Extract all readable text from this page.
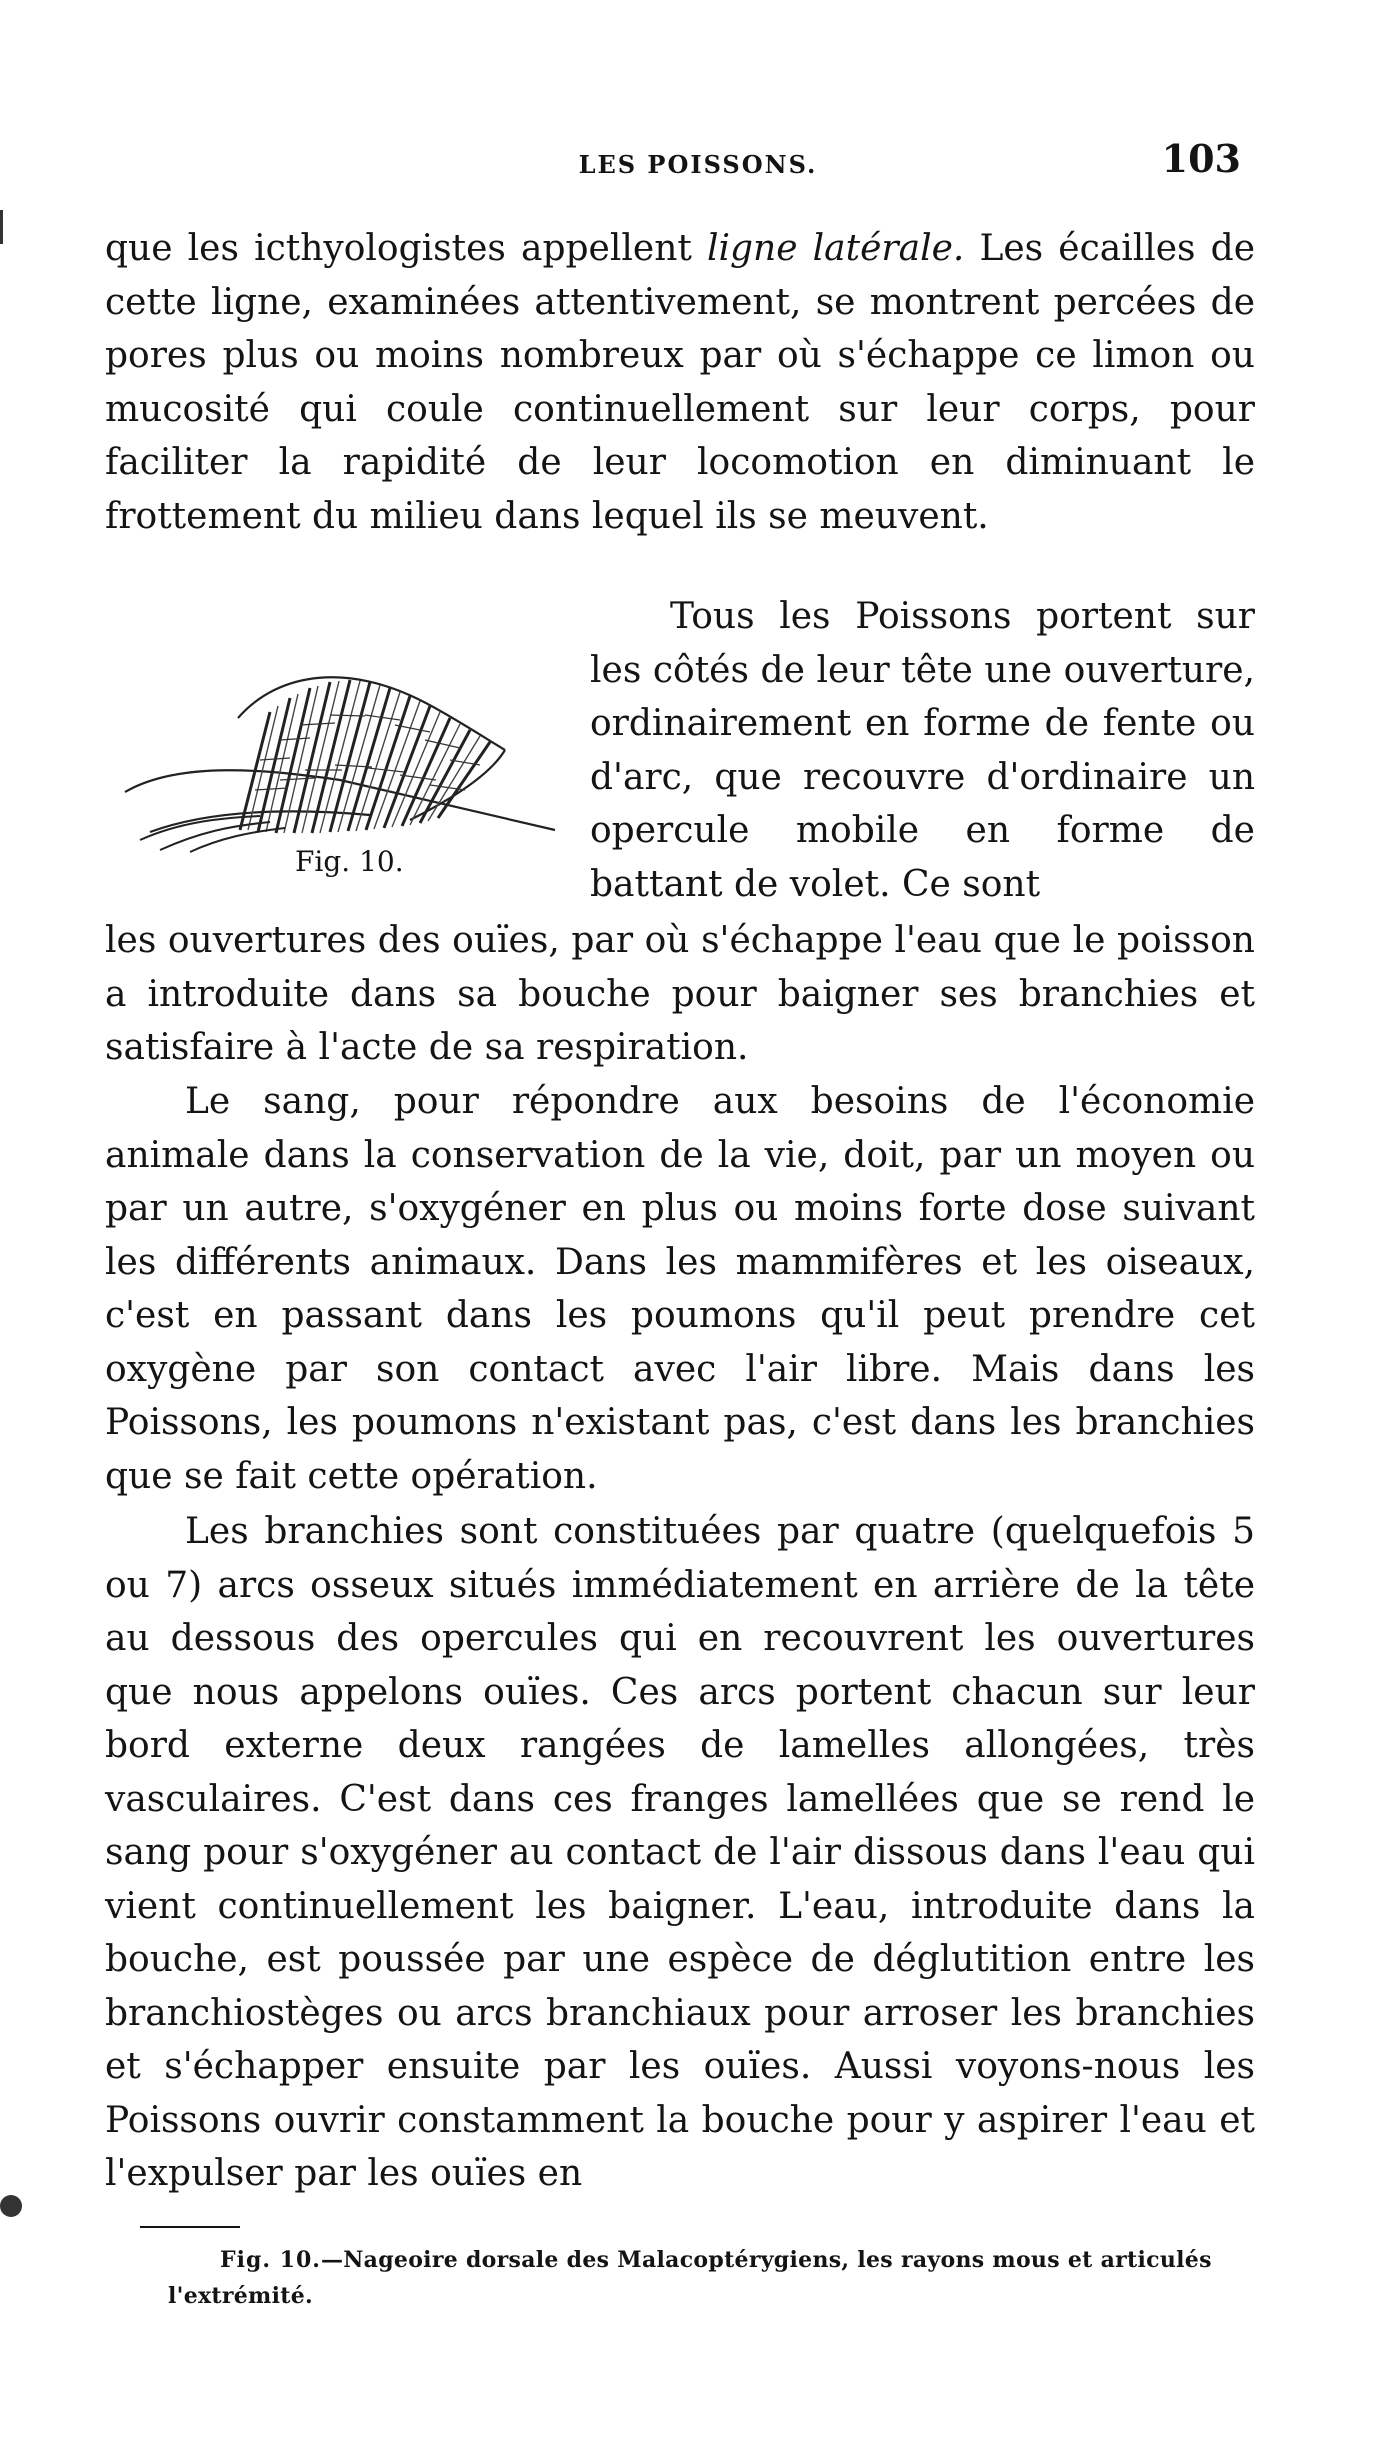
LES POISSONS.	103

que les icthyologistes appellent ligne latérale. Les écailles de cette ligne, examinées attentivement, se montrent percées de pores plus ou moins nombreux par où s'échappe ce limon ou mucosité qui coule continuellement sur leur corps, pour faciliter la rapidité de leur locomotion en diminuant le frottement du milieu dans lequel ils se meuvent.

Fig. 10.

Tous les Poissons portent sur les côtés de leur tête une ouverture, ordinairement en forme de fente ou d'arc, que recouvre d'ordinaire un opercule mobile en forme de battant de volet. Ce sont

les ouvertures des ouïes, par où s'échappe l'eau que le poisson a introduite dans sa bouche pour baigner ses branchies et satisfaire à l'acte de sa respiration.

Le sang, pour répondre aux besoins de l'économie animale dans la conservation de la vie, doit, par un moyen ou par un autre, s'oxygéner en plus ou moins forte dose suivant les différents animaux. Dans les mammifères et les oiseaux, c'est en passant dans les poumons qu'il peut prendre cet oxygène par son contact avec l'air libre. Mais dans les Poissons, les poumons n'existant pas, c'est dans les branchies que se fait cette opération.

Les branchies sont constituées par quatre (quelquefois 5 ou 7) arcs osseux situés immédiatement en arrière de la tête au dessous des opercules qui en recouvrent les ouvertures que nous appelons ouïes. Ces arcs portent chacun sur leur bord externe deux rangées de lamelles allongées, très vasculaires. C'est dans ces franges lamellées que se rend le sang pour s'oxygéner au contact de l'air dissous dans l'eau qui vient continuellement les baigner. L'eau, introduite dans la bouche, est poussée par une espèce de déglutition entre les branchiostèges ou arcs branchiaux pour arroser les branchies et s'échapper ensuite par les ouïes. Aussi voyons-nous les Poissons ouvrir constamment la bouche pour y aspirer l'eau et l'expulser par les ouïes en

Fig. 10.—Nageoire dorsale des Malacoptérygiens, les rayons mous et articulés l'extrémité.
